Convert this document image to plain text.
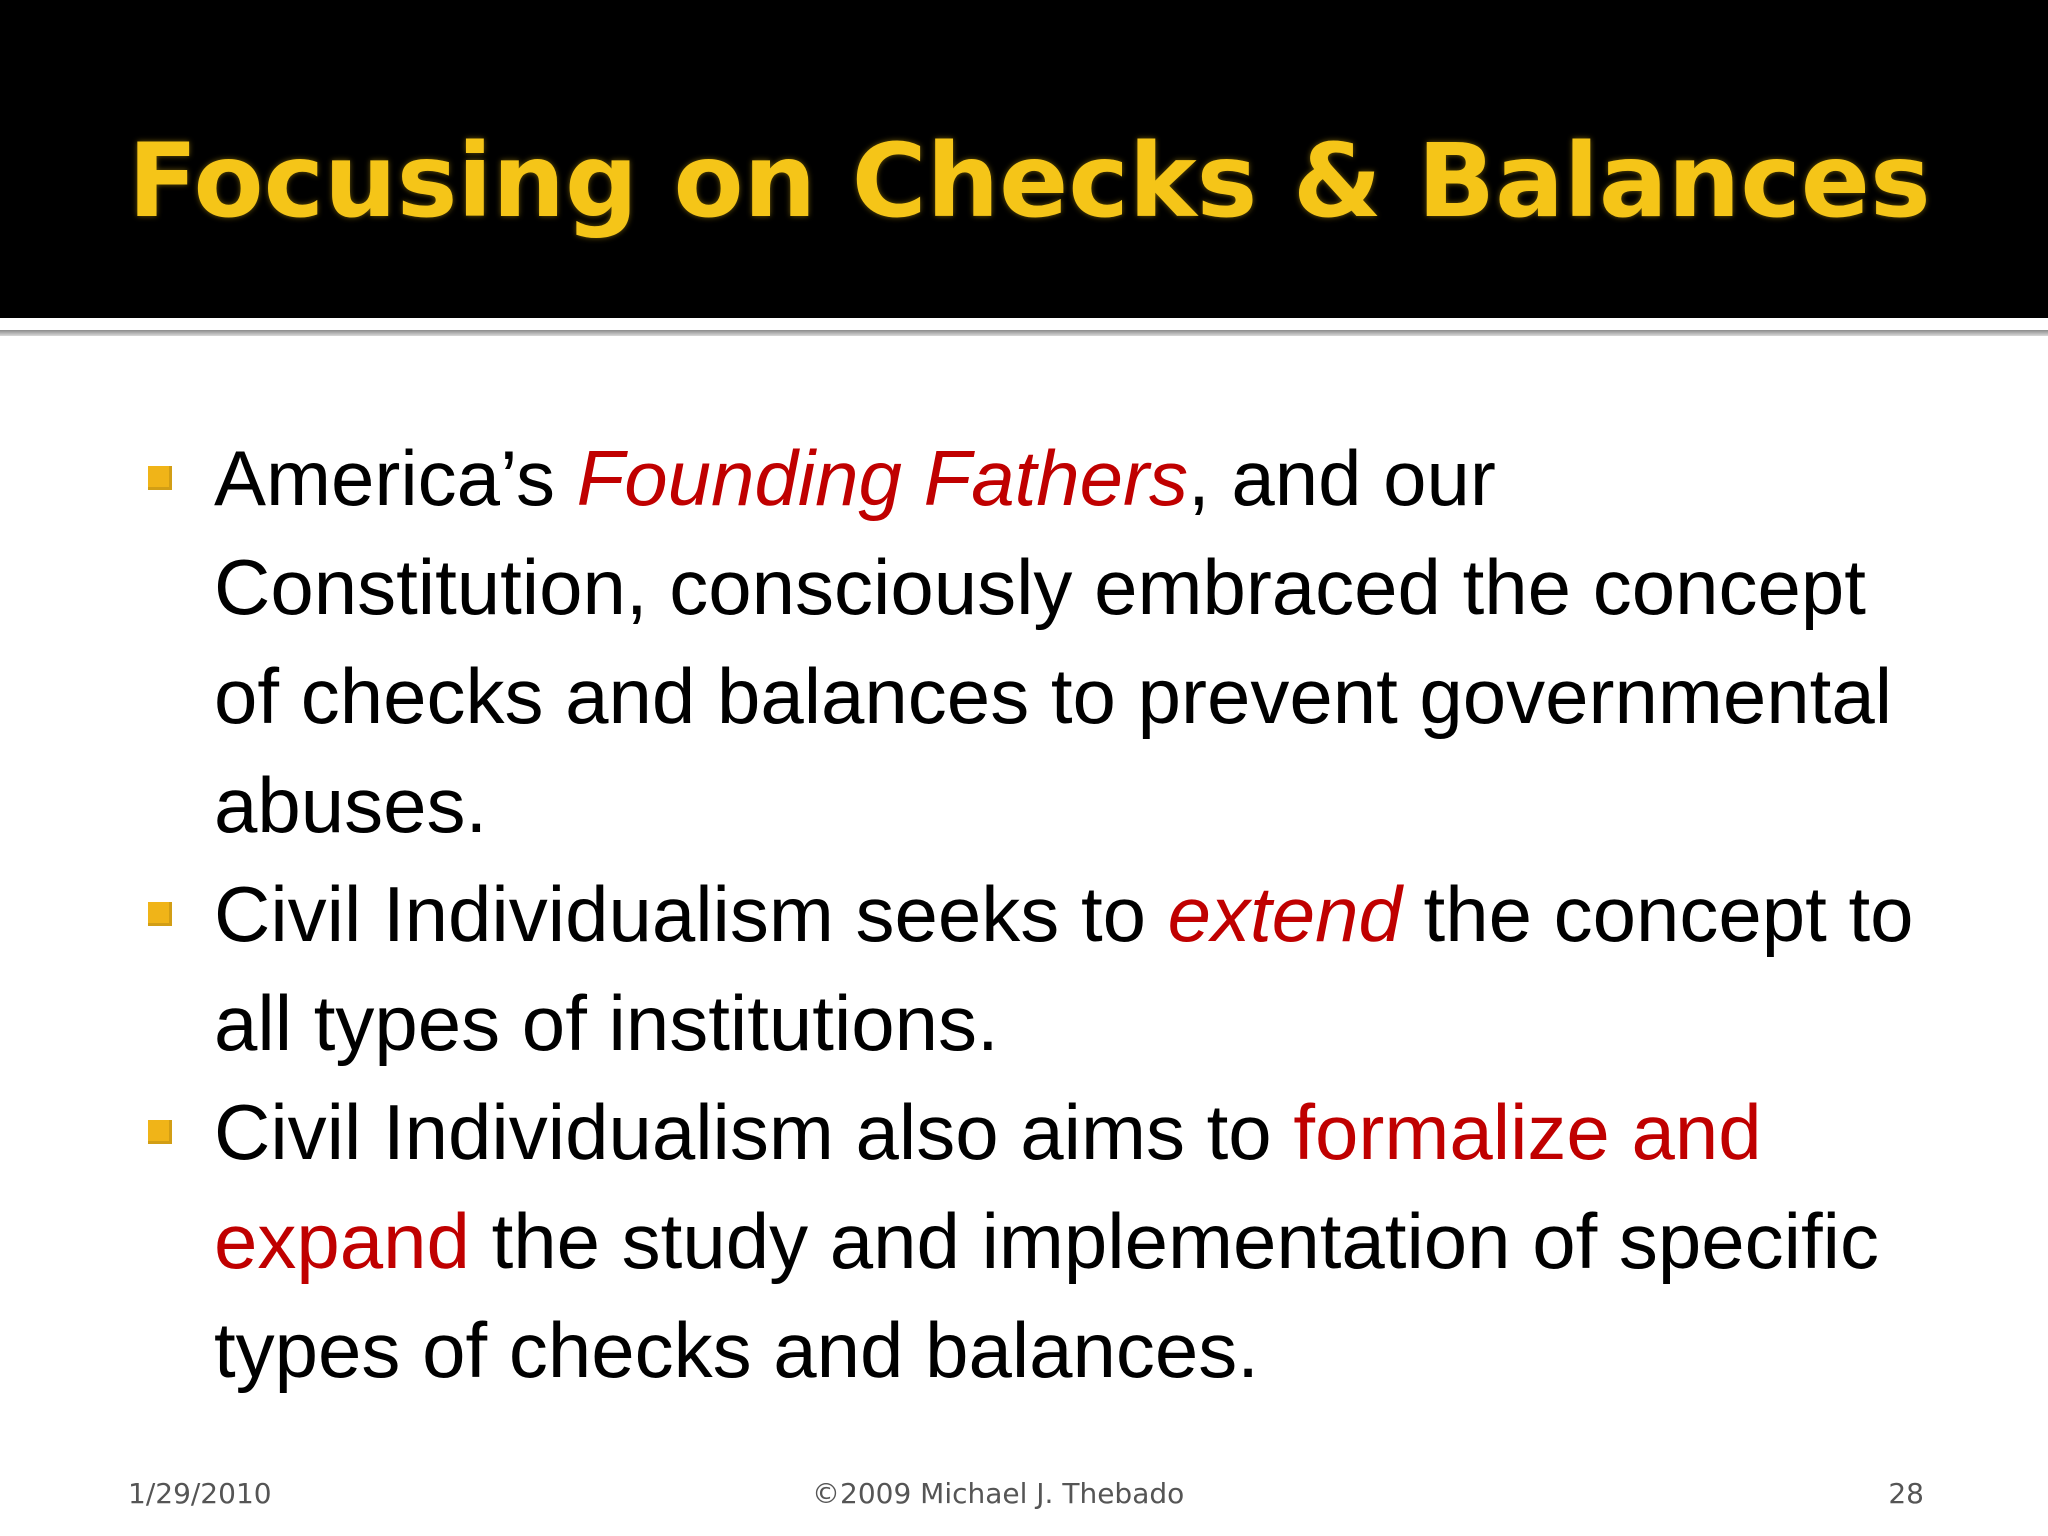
Focusing on Checks & Balances
America’s Founding Fathers, and our Constitution, consciously embraced the concept of checks and balances to prevent governmental abuses.
Civil Individualism seeks to extend the concept to all types of institutions.
Civil Individualism also aims to formalize and expand the study and implementation of specific types of checks and balances.
1/29/2010	©2009 Michael J. Thebado	28
